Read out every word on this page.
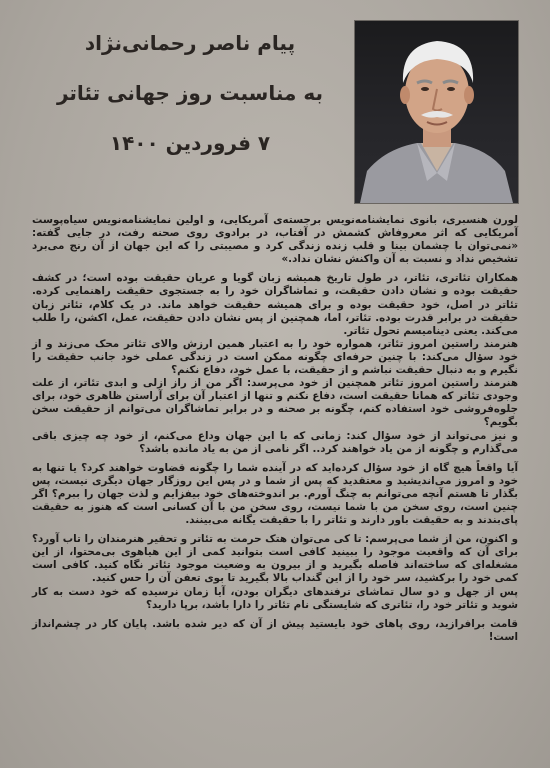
پیام ناصر رحمانی‌نژاد
به مناسبت روز جهانی تئاتر
۷ فروردین ۱۴۰۰

لورن هنسبری، بانوی نمایشنامه‌نویس برجسته‌ی آمریکایی، و اولین نمایشنامه‌نویس سیاه‌پوست آمریکایی که اثر معروفاش کشمش در آفتاب، در برادوی روی صحنه رفت، در جایی گفته: «نمی‌توان با چشمان بینا و قلب زنده زندگی کرد و مصیبتی را که این جهان از آن رنج می‌برد تشخیص نداد و نسبت به آن واکنش نشان نداد.»

همکاران تئاتری، تئاتر، در طول تاریخ همیشه زبان گویا و عریان حقیقت بوده است؛ در کشف حقیقت بوده و نشان دادن حقیقت، و تماشاگران خود را به جستجوی حقیقت راهنمایی کرده. تئاتر در اصل، خود حقیقت بوده و برای همیشه حقیقت خواهد ماند. در یک کلام، تئاتر زبان حقیقت در برابر قدرت بوده. تئاتر، اما، همچنین از پس نشان دادن حقیقت، عمل، اکشن، را طلب می‌کند. یعنی دینامیسم تحول تئاتر.

هنرمند راستین امروز تئاتر، همواره خود را به اعتبار همین ارزش والای تئاتر محک می‌زند و از خود سؤال می‌کند: با چنین حرفه‌ای چگونه ممکن است در زندگی عملی خود جانب حقیقت را نگیرم و به دنبال حقیقت نباشم و از حقیقت، با عمل خود، دفاع نکنم؟

هنرمند راستین امروز تئاتر همچنین از خود می‌پرسد: اگر من از راز ازلی و ابدی تئاتر، از علت وجودی تئاتر که همانا حقیقت است، دفاع نکنم و تنها از اعتبار آن برای آراستن ظاهری خود، برای جلوه‌فروشی خود استفاده کنم، چگونه بر صحنه و در برابر تماشاگران می‌توانم از حقیقت سخن بگویم؟

و نیز می‌تواند از خود سؤال کند: زمانی که با این جهان وداع می‌کنم، از خود چه چیزی باقی می‌گذارم و چگونه از من یاد خواهند کرد.. اگر نامی از من به یاد مانده باشد؟

آیا واقعاً هیچ گاه از خود سؤال کرده‌اید که در آینده شما را چگونه قضاوت خواهند کرد؟ یا تنها به خود و امروز می‌اندیشید و معتقدید که پس از شما و در پس این روزگار جهان دیگری نیست، پس بگذار تا هستم آنچه می‌توانم به چنگ آورم. بر اندوخته‌های خود بیفزایم و لذت جهان را ببرم؟ اگر چنین است، روی سخن من با شما نیست، روی سخن من با آن کسانی است که هنوز به حقیقت پای‌بندند و به حقیقت باور دارند و تئاتر را با حقیقت یگانه می‌بینند.

و اکنون، من از شما می‌پرسم: تا کی می‌توان هتک حرمت به تئاتر و تحقیر هنرمندان را تاب آورد؟ برای آن که واقعیت موجود را ببینید کافی است بتوانید کمی از این هیاهوی بی‌محتوا، از این مشغله‌ای که ساخته‌اند فاصله بگیرید و از بیرون به وضعیت موجود تئاتر نگاه کنید. کافی است کمی خود را برکشید، سر خود را از این گنداب بالا بگیرید تا بوی تعفن آن را حس کنید.

پس از جهل و دو سال تماشای ترفندهای دیگران بودن، آیا زمان نرسیده که خود دست به کار شوید و تئاتر خود را، تئاتری که شایستگی نام تئاتر را دارا باشد، برپا دارید؟

قامت برافرازید، روی پاهای خود بایستید پیش از آن که دیر شده باشد. پایان کار در چشم‌انداز است!
